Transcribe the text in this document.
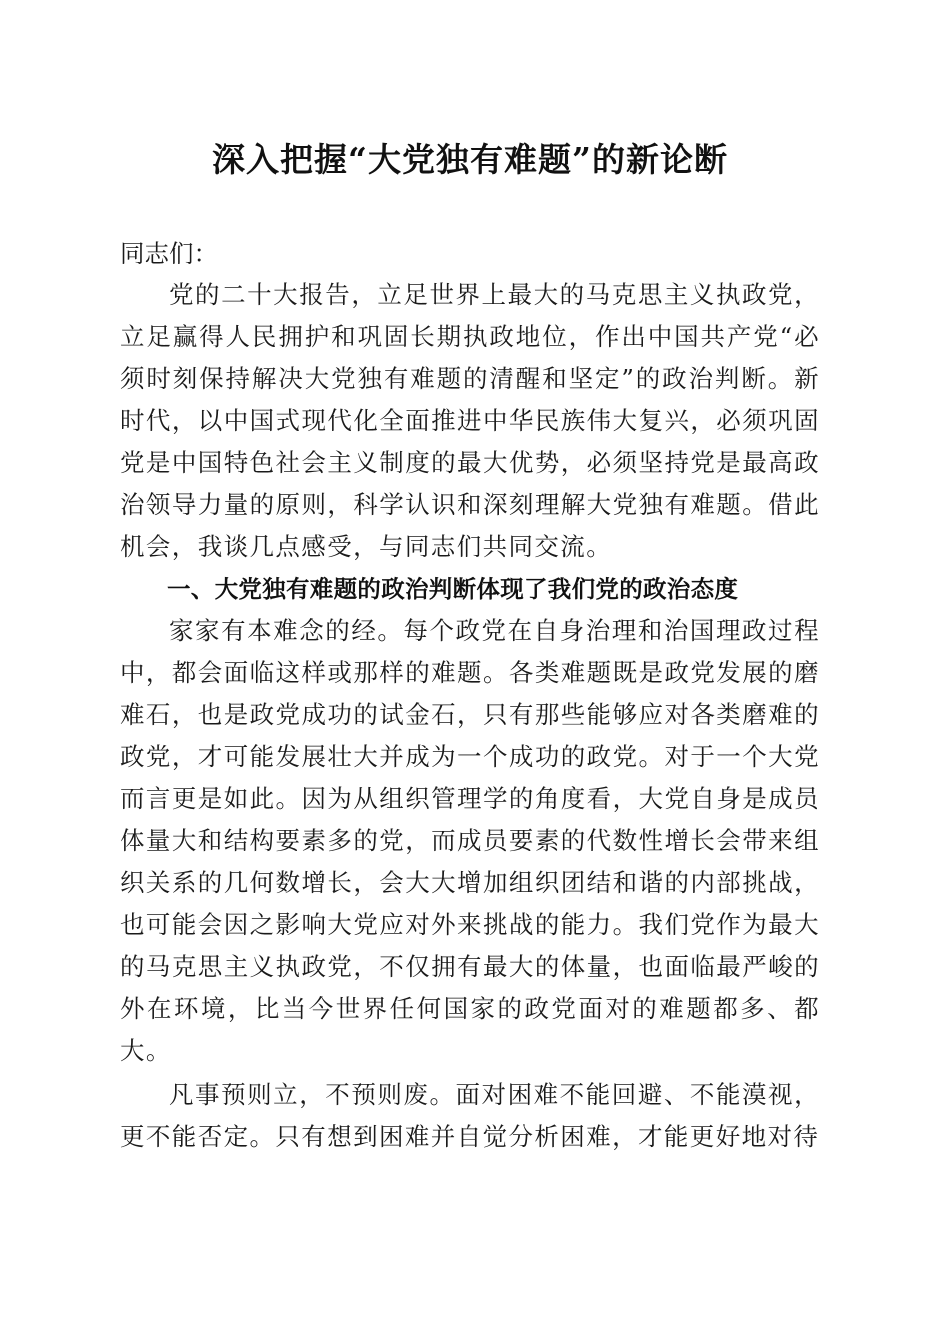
深入把握“大党独有难题”的新论断

同志们：

党的二十大报告，立足世界上最大的马克思主义执政党，立足赢得人民拥护和巩固长期执政地位，作出中国共产党“必须时刻保持解决大党独有难题的清醒和坚定”的政治判断。新时代，以中国式现代化全面推进中华民族伟大复兴，必须巩固党是中国特色社会主义制度的最大优势，必须坚持党是最高政治领导力量的原则，科学认识和深刻理解大党独有难题。借此机会，我谈几点感受，与同志们共同交流。

一、大党独有难题的政治判断体现了我们党的政治态度

家家有本难念的经。每个政党在自身治理和治国理政过程中，都会面临这样或那样的难题。各类难题既是政党发展的磨难石，也是政党成功的试金石，只有那些能够应对各类磨难的政党，才可能发展壮大并成为一个成功的政党。对于一个大党而言更是如此。因为从组织管理学的角度看，大党自身是成员体量大和结构要素多的党，而成员要素的代数性增长会带来组织关系的几何数增长，会大大增加组织团结和谐的内部挑战，也可能会因之影响大党应对外来挑战的能力。我们党作为最大的马克思主义执政党，不仅拥有最大的体量，也面临最严峻的外在环境，比当今世界任何国家的政党面对的难题都多、都大。

凡事预则立，不预则废。面对困难不能回避、不能漠视，更不能否定。只有想到困难并自觉分析困难，才能更好地对待
